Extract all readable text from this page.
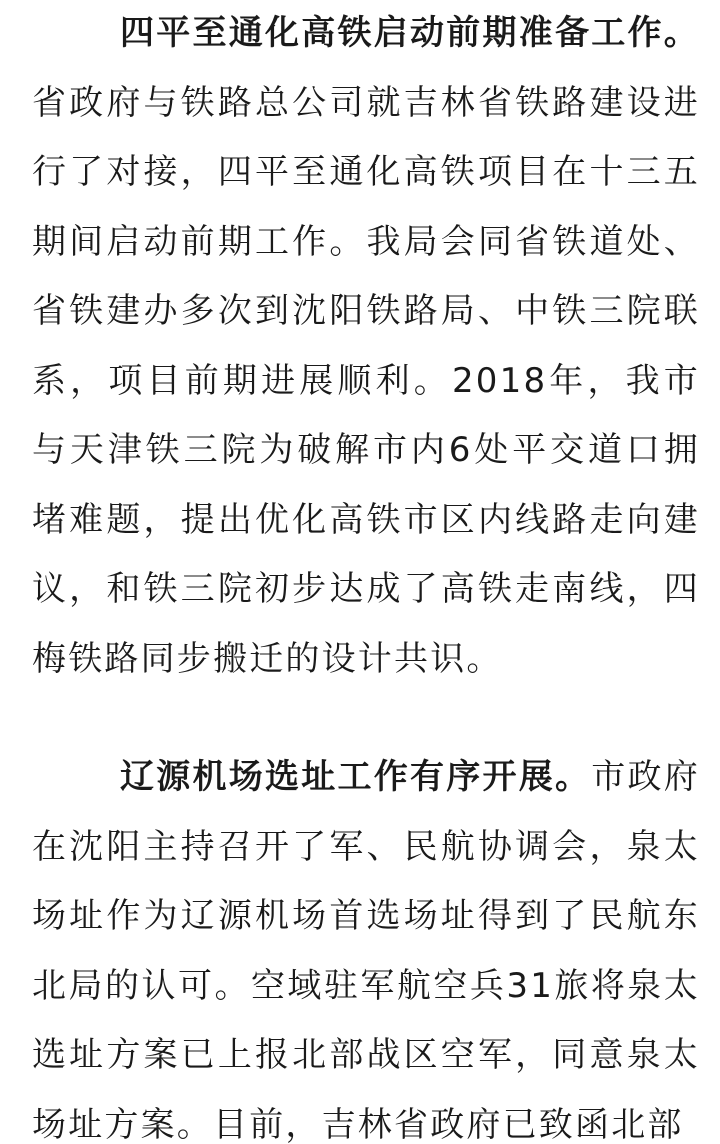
四平至通化高铁启动前期准备工作。省政府与铁路总公司就吉林省铁路建设进行了对接，四平至通化高铁项目在十三五期间启动前期工作。我局会同省铁道处、省铁建办多次到沈阳铁路局、中铁三院联系，项目前期进展顺利。2018年，我市与天津铁三院为破解市内6处平交道口拥堵难题，提出优化高铁市区内线路走向建议，和铁三院初步达成了高铁走南线，四梅铁路同步搬迁的设计共识。

辽源机场选址工作有序开展。市政府在沈阳主持召开了军、民航协调会，泉太场址作为辽源机场首选场址得到了民航东北局的认可。空域驻军航空兵31旅将泉太选址方案已上报北部战区空军，同意泉太场址方案。目前，吉林省政府已致函北部
